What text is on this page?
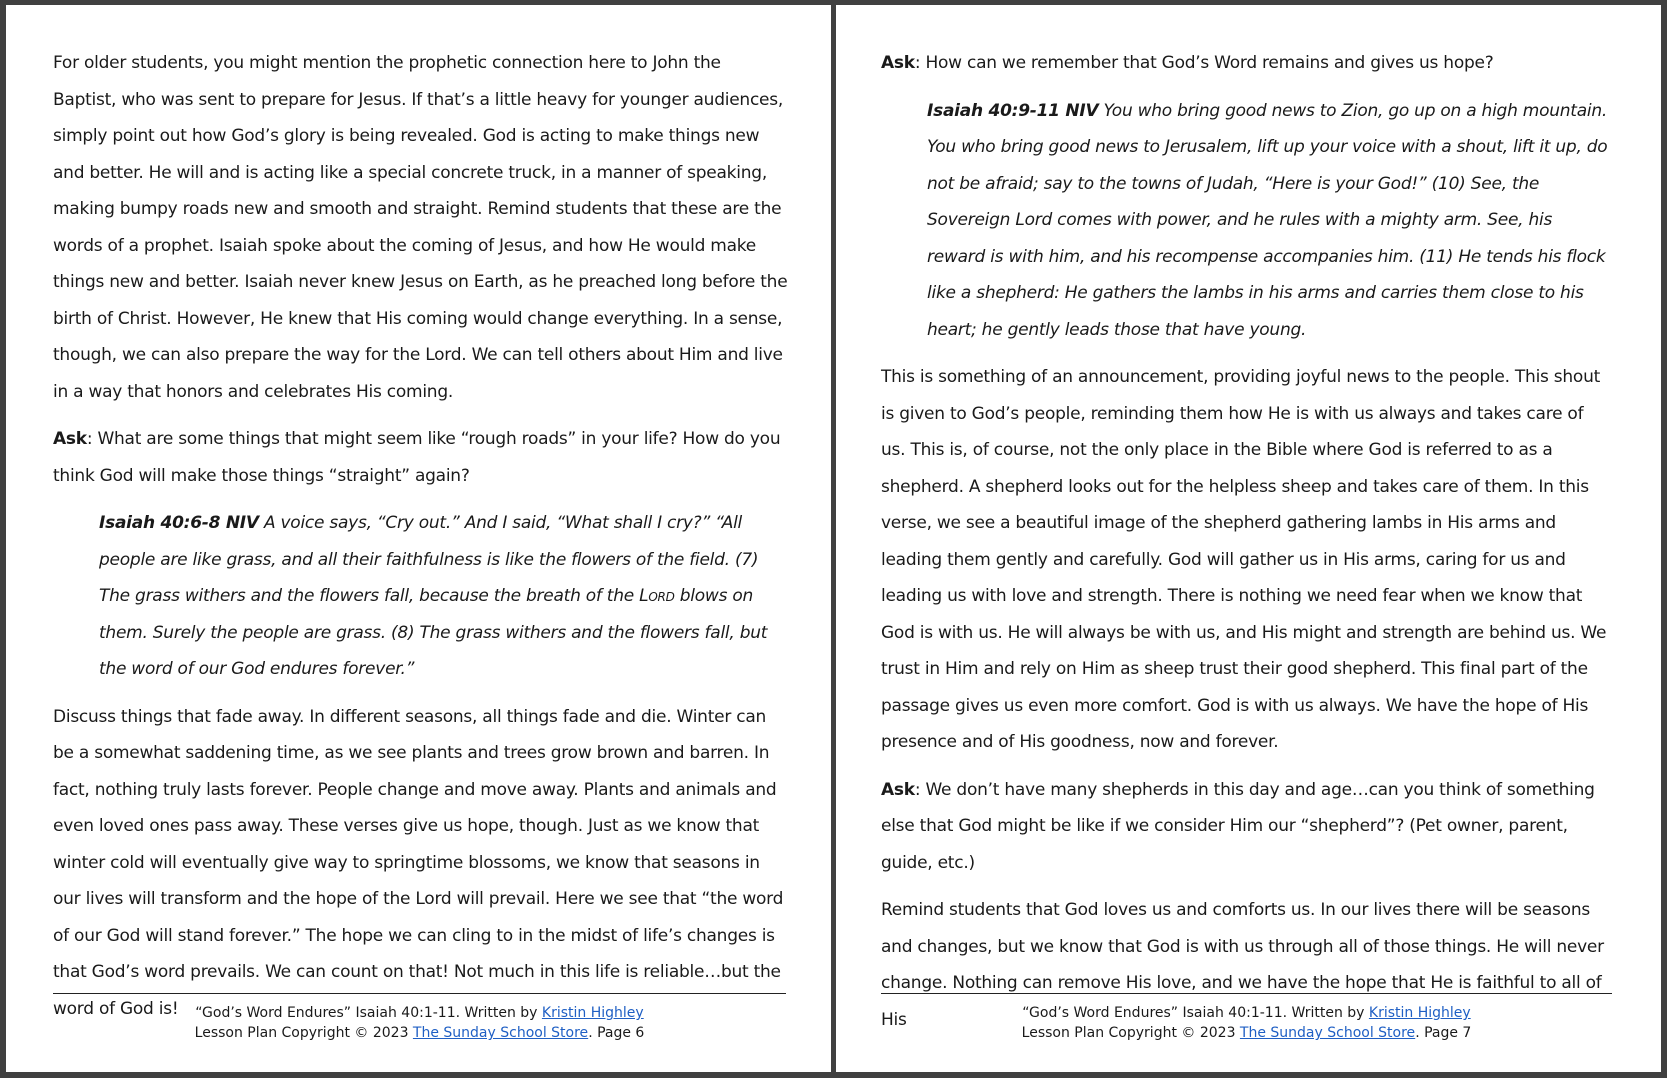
For older students, you might mention the prophetic connection here to John the Baptist, who was sent to prepare for Jesus. If that’s a little heavy for younger audiences, simply point out how God’s glory is being revealed. God is acting to make things new and better. He will and is acting like a special concrete truck, in a manner of speaking, making bumpy roads new and smooth and straight. Remind students that these are the words of a prophet. Isaiah spoke about the coming of Jesus, and how He would make things new and better. Isaiah never knew Jesus on Earth, as he preached long before the birth of Christ. However, He knew that His coming would change everything. In a sense, though, we can also prepare the way for the Lord. We can tell others about Him and live in a way that honors and celebrates His coming.

Ask: What are some things that might seem like “rough roads” in your life? How do you think God will make those things “straight” again?

Isaiah 40:6-8 NIV A voice says, “Cry out.” And I said, “What shall I cry?” “All people are like grass, and all their faithfulness is like the flowers of the field. (7) The grass withers and the flowers fall, because the breath of the Lord blows on them. Surely the people are grass. (8) The grass withers and the flowers fall, but the word of our God endures forever.”

Discuss things that fade away. In different seasons, all things fade and die. Winter can be a somewhat saddening time, as we see plants and trees grow brown and barren. In fact, nothing truly lasts forever. People change and move away. Plants and animals and even loved ones pass away. These verses give us hope, though. Just as we know that winter cold will eventually give way to springtime blossoms, we know that seasons in our lives will transform and the hope of the Lord will prevail. Here we see that “the word of our God will stand forever.” The hope we can cling to in the midst of life’s changes is that God’s word prevails. We can count on that! Not much in this life is reliable…but the word of God is!	“God’s Word Endures” Isaiah 40:1-11. Written by Kristin Highley
Lesson Plan Copyright © 2023 The Sunday School Store. Page 6

Ask: How can we remember that God’s Word remains and gives us hope?

Isaiah 40:9-11 NIV You who bring good news to Zion, go up on a high mountain. You who bring good news to Jerusalem, lift up your voice with a shout, lift it up, do not be afraid; say to the towns of Judah, “Here is your God!” (10) See, the Sovereign Lord comes with power, and he rules with a mighty arm. See, his reward is with him, and his recompense accompanies him. (11) He tends his flock like a shepherd: He gathers the lambs in his arms and carries them close to his heart; he gently leads those that have young.

This is something of an announcement, providing joyful news to the people. This shout is given to God’s people, reminding them how He is with us always and takes care of us. This is, of course, not the only place in the Bible where God is referred to as a shepherd. A shepherd looks out for the helpless sheep and takes care of them. In this verse, we see a beautiful image of the shepherd gathering lambs in His arms and leading them gently and carefully. God will gather us in His arms, caring for us and leading us with love and strength. There is nothing we need fear when we know that God is with us. He will always be with us, and His might and strength are behind us. We trust in Him and rely on Him as sheep trust their good shepherd. This final part of the passage gives us even more comfort. God is with us always. We have the hope of His presence and of His goodness, now and forever.

Ask: We don’t have many shepherds in this day and age…can you think of something else that God might be like if we consider Him our “shepherd”? (Pet owner, parent, guide, etc.)

Remind students that God loves us and comforts us. In our lives there will be seasons and changes, but we know that God is with us through all of those things. He will never change. Nothing can remove His love, and we have the hope that He is faithful to all of His	“God’s Word Endures” Isaiah 40:1-11. Written by Kristin Highley
Lesson Plan Copyright © 2023 The Sunday School Store. Page 7
